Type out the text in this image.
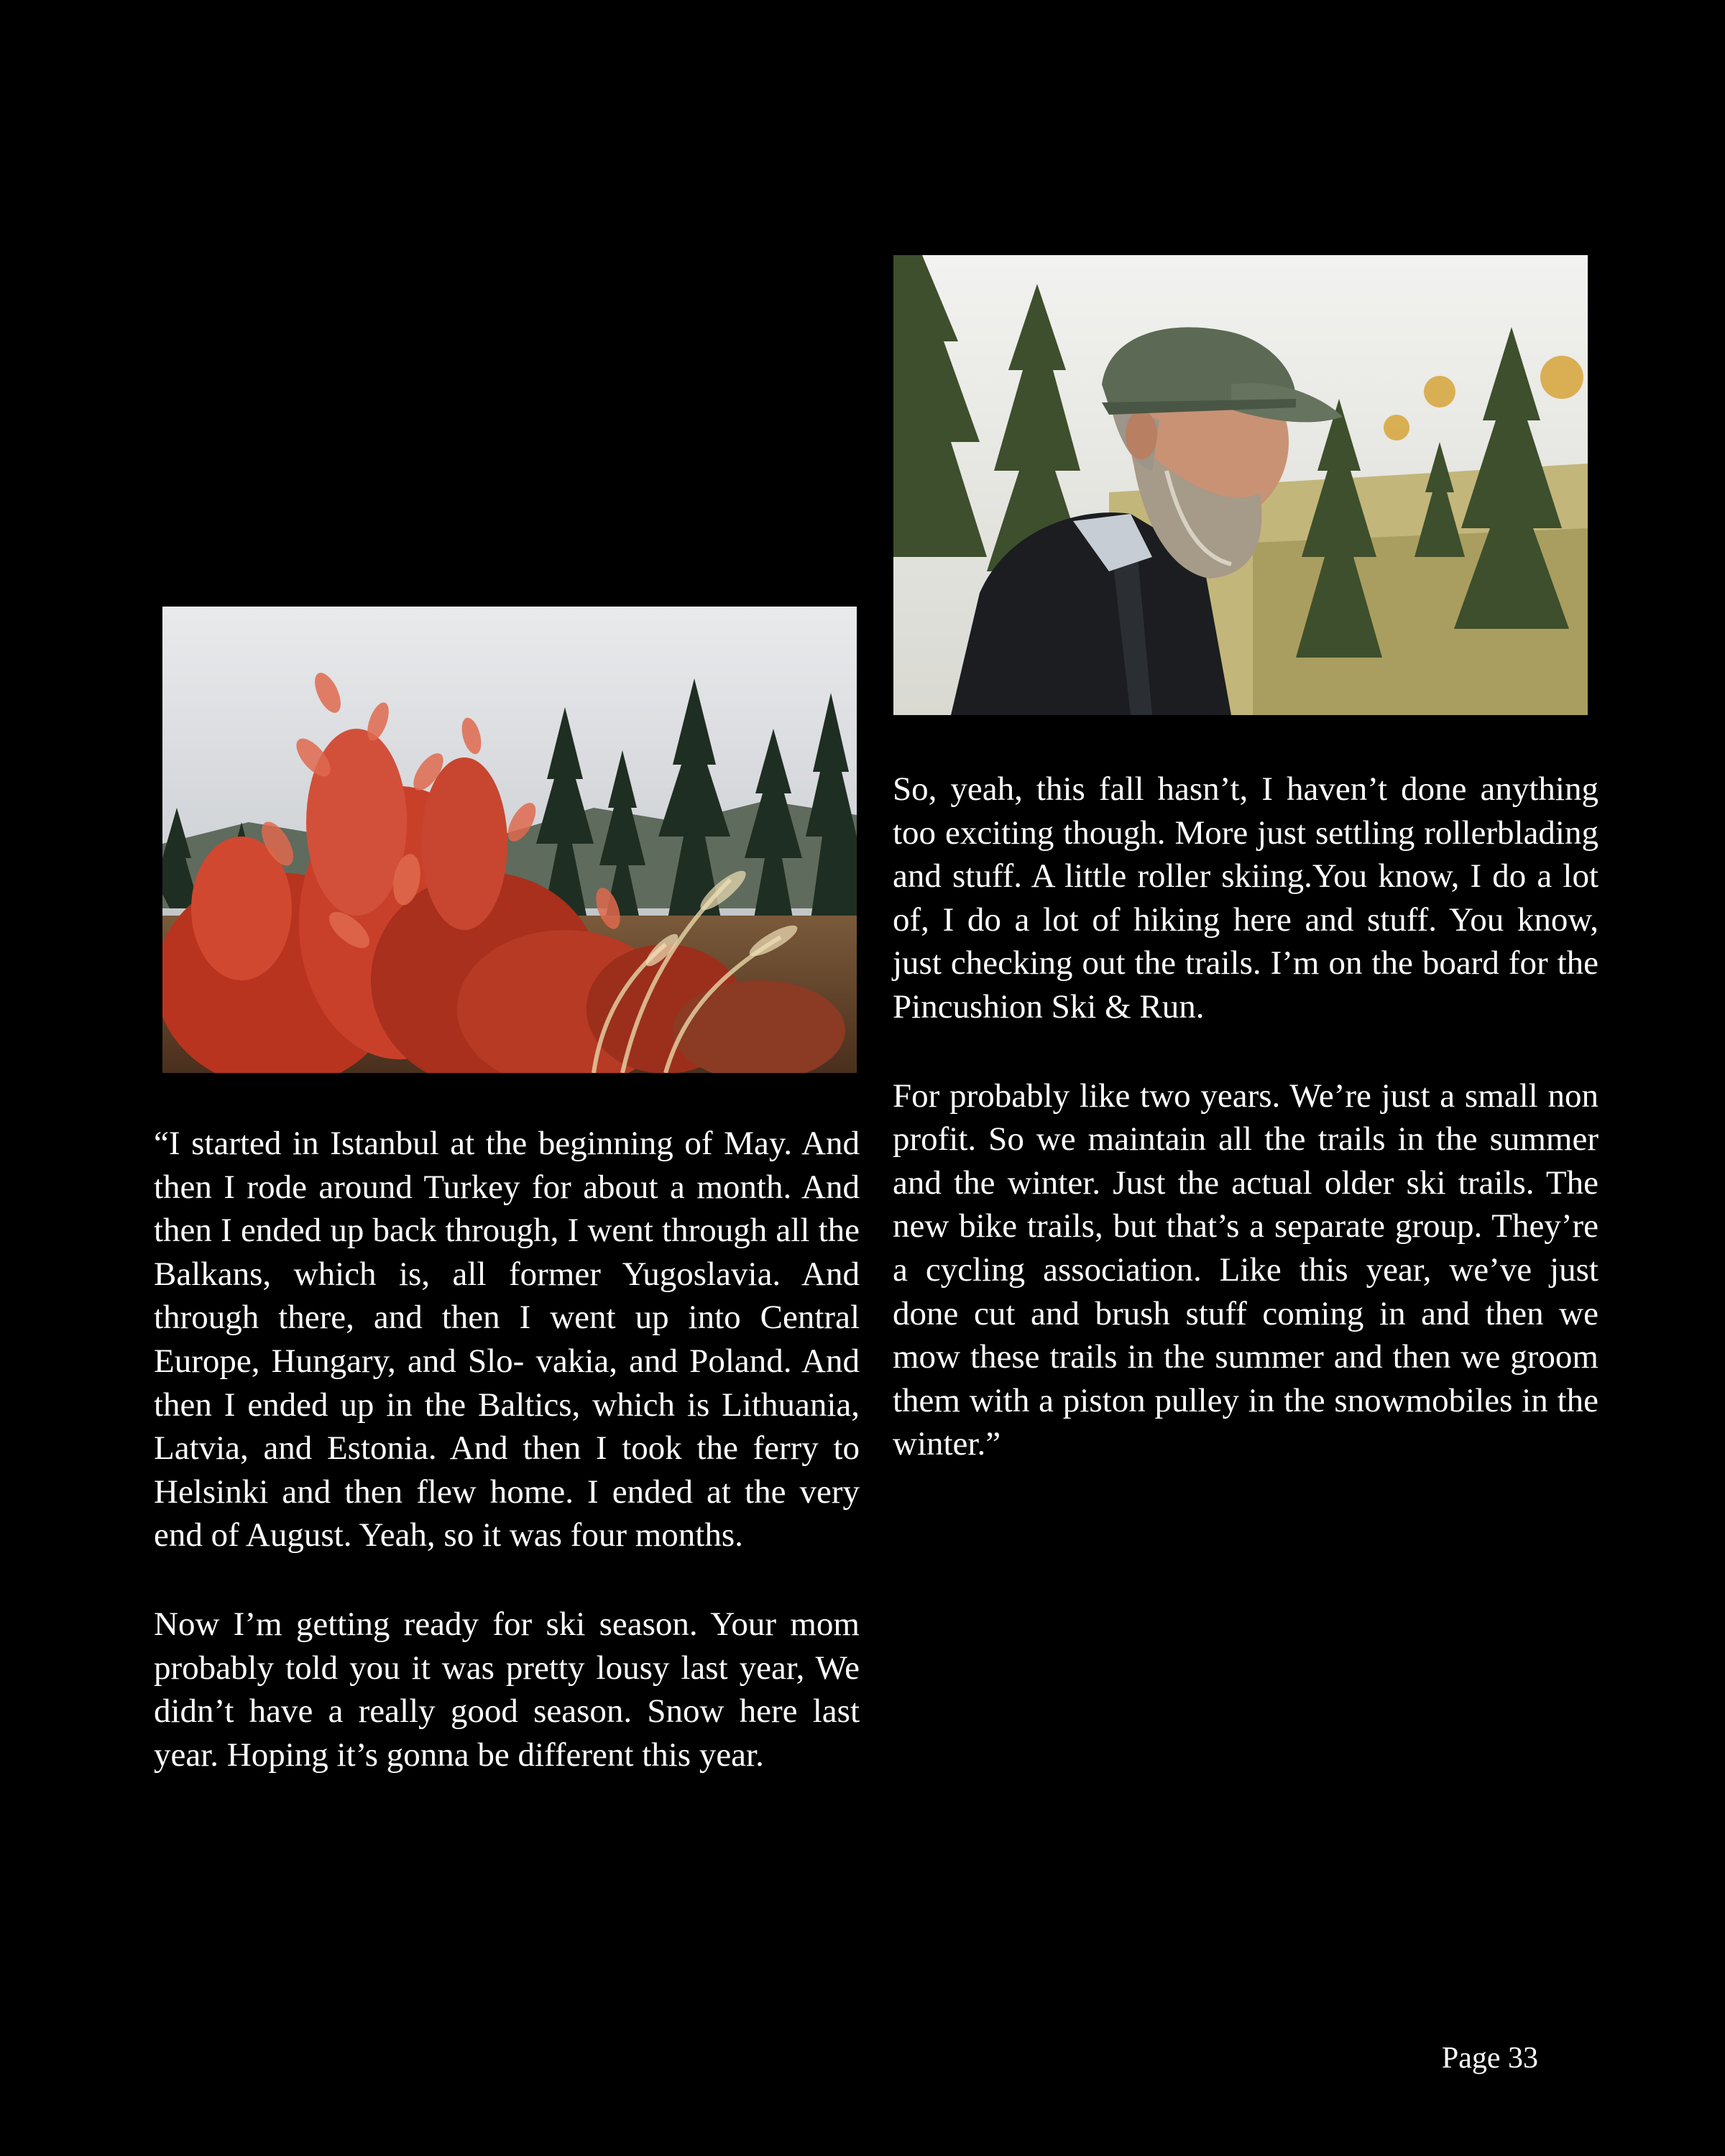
“I started in Istanbul at the beginning of May. And then I rode around Turkey for about a month. And then I ended up back through, I went through all the Balkans, which is, all former Yugoslavia. And through there, and then I went up into Central Europe, Hungary, and Slo- vakia, and Poland. And then I ended up in the Baltics, which is Lithuania, Latvia, and Estonia. And then I took the ferry to Helsinki and then flew home. I ended at the very end of August. Yeah, so it was four months.

Now I’m getting ready for ski season. Your mom probably told you it was pretty lousy last year, We didn’t have a really good season. Snow here last year. Hoping it’s gonna be different this year.

So, yeah, this fall hasn’t, I haven’t done anything too exciting though. More just settling rollerblading and stuff. A little roller skiing.You know, I do a lot of, I do a lot of hiking here and stuff. You know, just checking out the trails. I’m on the board for the Pincushion Ski & Run.

For probably like two years. We’re just a small non profit. So we maintain all the trails in the summer and the winter. Just the actual older ski trails. The new bike trails, but that’s a separate group. They’re a cycling association. Like this year, we’ve just done cut and brush stuff coming in and then we mow these trails in the summer and then we groom them with a piston pulley in the snowmobiles in the winter.”

Page 33
